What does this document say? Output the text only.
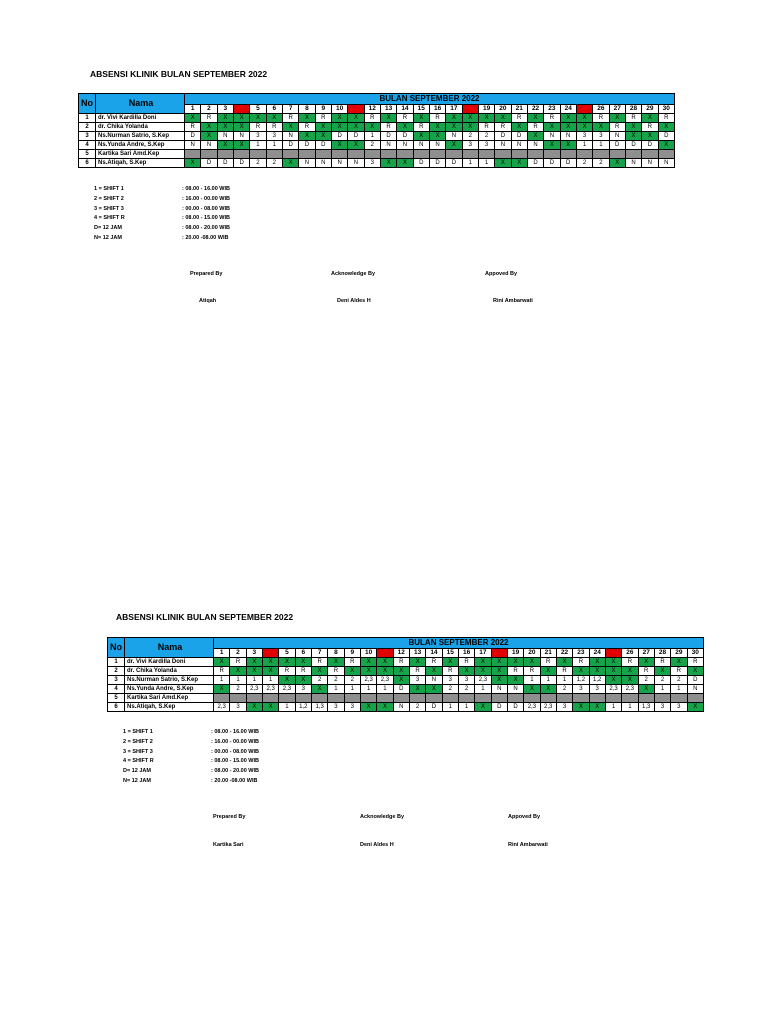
ABSENSI KLINIK BULAN SEPTEMBER 2022
No	Nama	BULAN SEPTEMBER 2022																													
		1	2	3	4	5	6	7	8	9	10	11	12	13	14	15	16	17	18	19	20	21	22	23	24	25	26	27	28	29	30
1	dr. Vivi Kardilla Doni	X	R	X	X	X	X	R	X	R	X	X	R	X	R	X	R	X	X	X	X	R	X	R	X	X	R	X	R	X	R
2	dr. Chika Yolanda	R	X	X	X	R	R	X	R	X	X	X	X	R	X	R	X	X	X	R	R	X	R	X	X	X	X	R	X	R	X
3	Ns.Nurman Satrio, S.Kep	D	X	N	N	3	3	N	X	X	D	D	1	D	D	X	X	N	2	2	D	D	X	N	N	3	3	N	X	X	D
4	Ns.Yunda Andre, S.Kep	N	N	X	X	1	1	D	D	D	X	X	2	N	N	N	N	X	3	3	N	N	N	X	X	1	1	D	D	D	X
5	Kartika Sari Amd.Kep																														
6	Ns.Atiqah, S.Kep	X	D	D	D	2	2	X	N	N	N	N	3	X	X	D	D	D	1	1	X	X	D	D	D	2	2	X	N	N	N
1 = SHIFT 1	: 08.00 - 16.00 WIB
2 = SHIFT 2	: 16.00 - 00.00 WIB
3 = SHIFT 3	: 00.00 - 08.00 WIB
4 = SHIFT R	: 08.00 - 15.00 WIB
D= 12 JAM	: 08.00 - 20.00 WIB
N= 12 JAM	: 20.00 -08.00 WIB
Prepared By	Acknowledge By	Appoved By
Atiqah	Deni Aldes H	Rini Ambarwati
ABSENSI KLINIK BULAN SEPTEMBER 2022
No	Nama	BULAN SEPTEMBER 2022																													
		1	2	3	4	5	6	7	8	9	10	11	12	13	14	15	16	17	18	19	20	21	22	23	24	25	26	27	28	29	30
1	dr. Vivi Kardilla Doni	X	R	X	X	X	X	R	X	R	X	X	R	X	R	X	R	X	X	X	X	R	X	R	X	X	R	X	R	X	R
2	dr. Chika Yolanda	R	X	X	X	R	R	X	R	X	X	X	X	R	X	R	X	X	X	R	R	X	R	X	X	X	X	R	X	R	X
3	Ns.Nurman Satrio, S.Kep	1	1	1	1	X	X	2	2	2	2,3	2,3	X	3	N	3	3	2,3	X	X	1	1	1	1,2	1,2	X	X	2	2	2	D
4	Ns.Yunda Andre, S.Kep	X	2	2,3	2,3	2,3	3	X	1	1	1	1	D	X	X	2	2	1	N	N	X	X	2	3	3	2,3	2,3	X	1	1	N
5	Kartika Sari Amd.Kep																														
6	Ns.Atiqah, S.Kep	2,3	3	X	X	1	1,2	1,3	3	3	X	X	N	2	D	1	1	X	D	D	2,3	2,3	3	X	X	1	1	1,3	3	3	X
1 = SHIFT 1	: 08.00 - 16.00 WIB
2 = SHIFT 2	: 16.00 - 00.00 WIB
3 = SHIFT 3	: 00.00 - 08.00 WIB
4 = SHIFT R	: 08.00 - 15.00 WIB
D= 12 JAM	: 08.00 - 20.00 WIB
N= 12 JAM	: 20.00 -08.00 WIB
Prepared By	Acknowledge By	Appoved By
Kartika Sari	Deni Aldes H	Rini Ambarwati
